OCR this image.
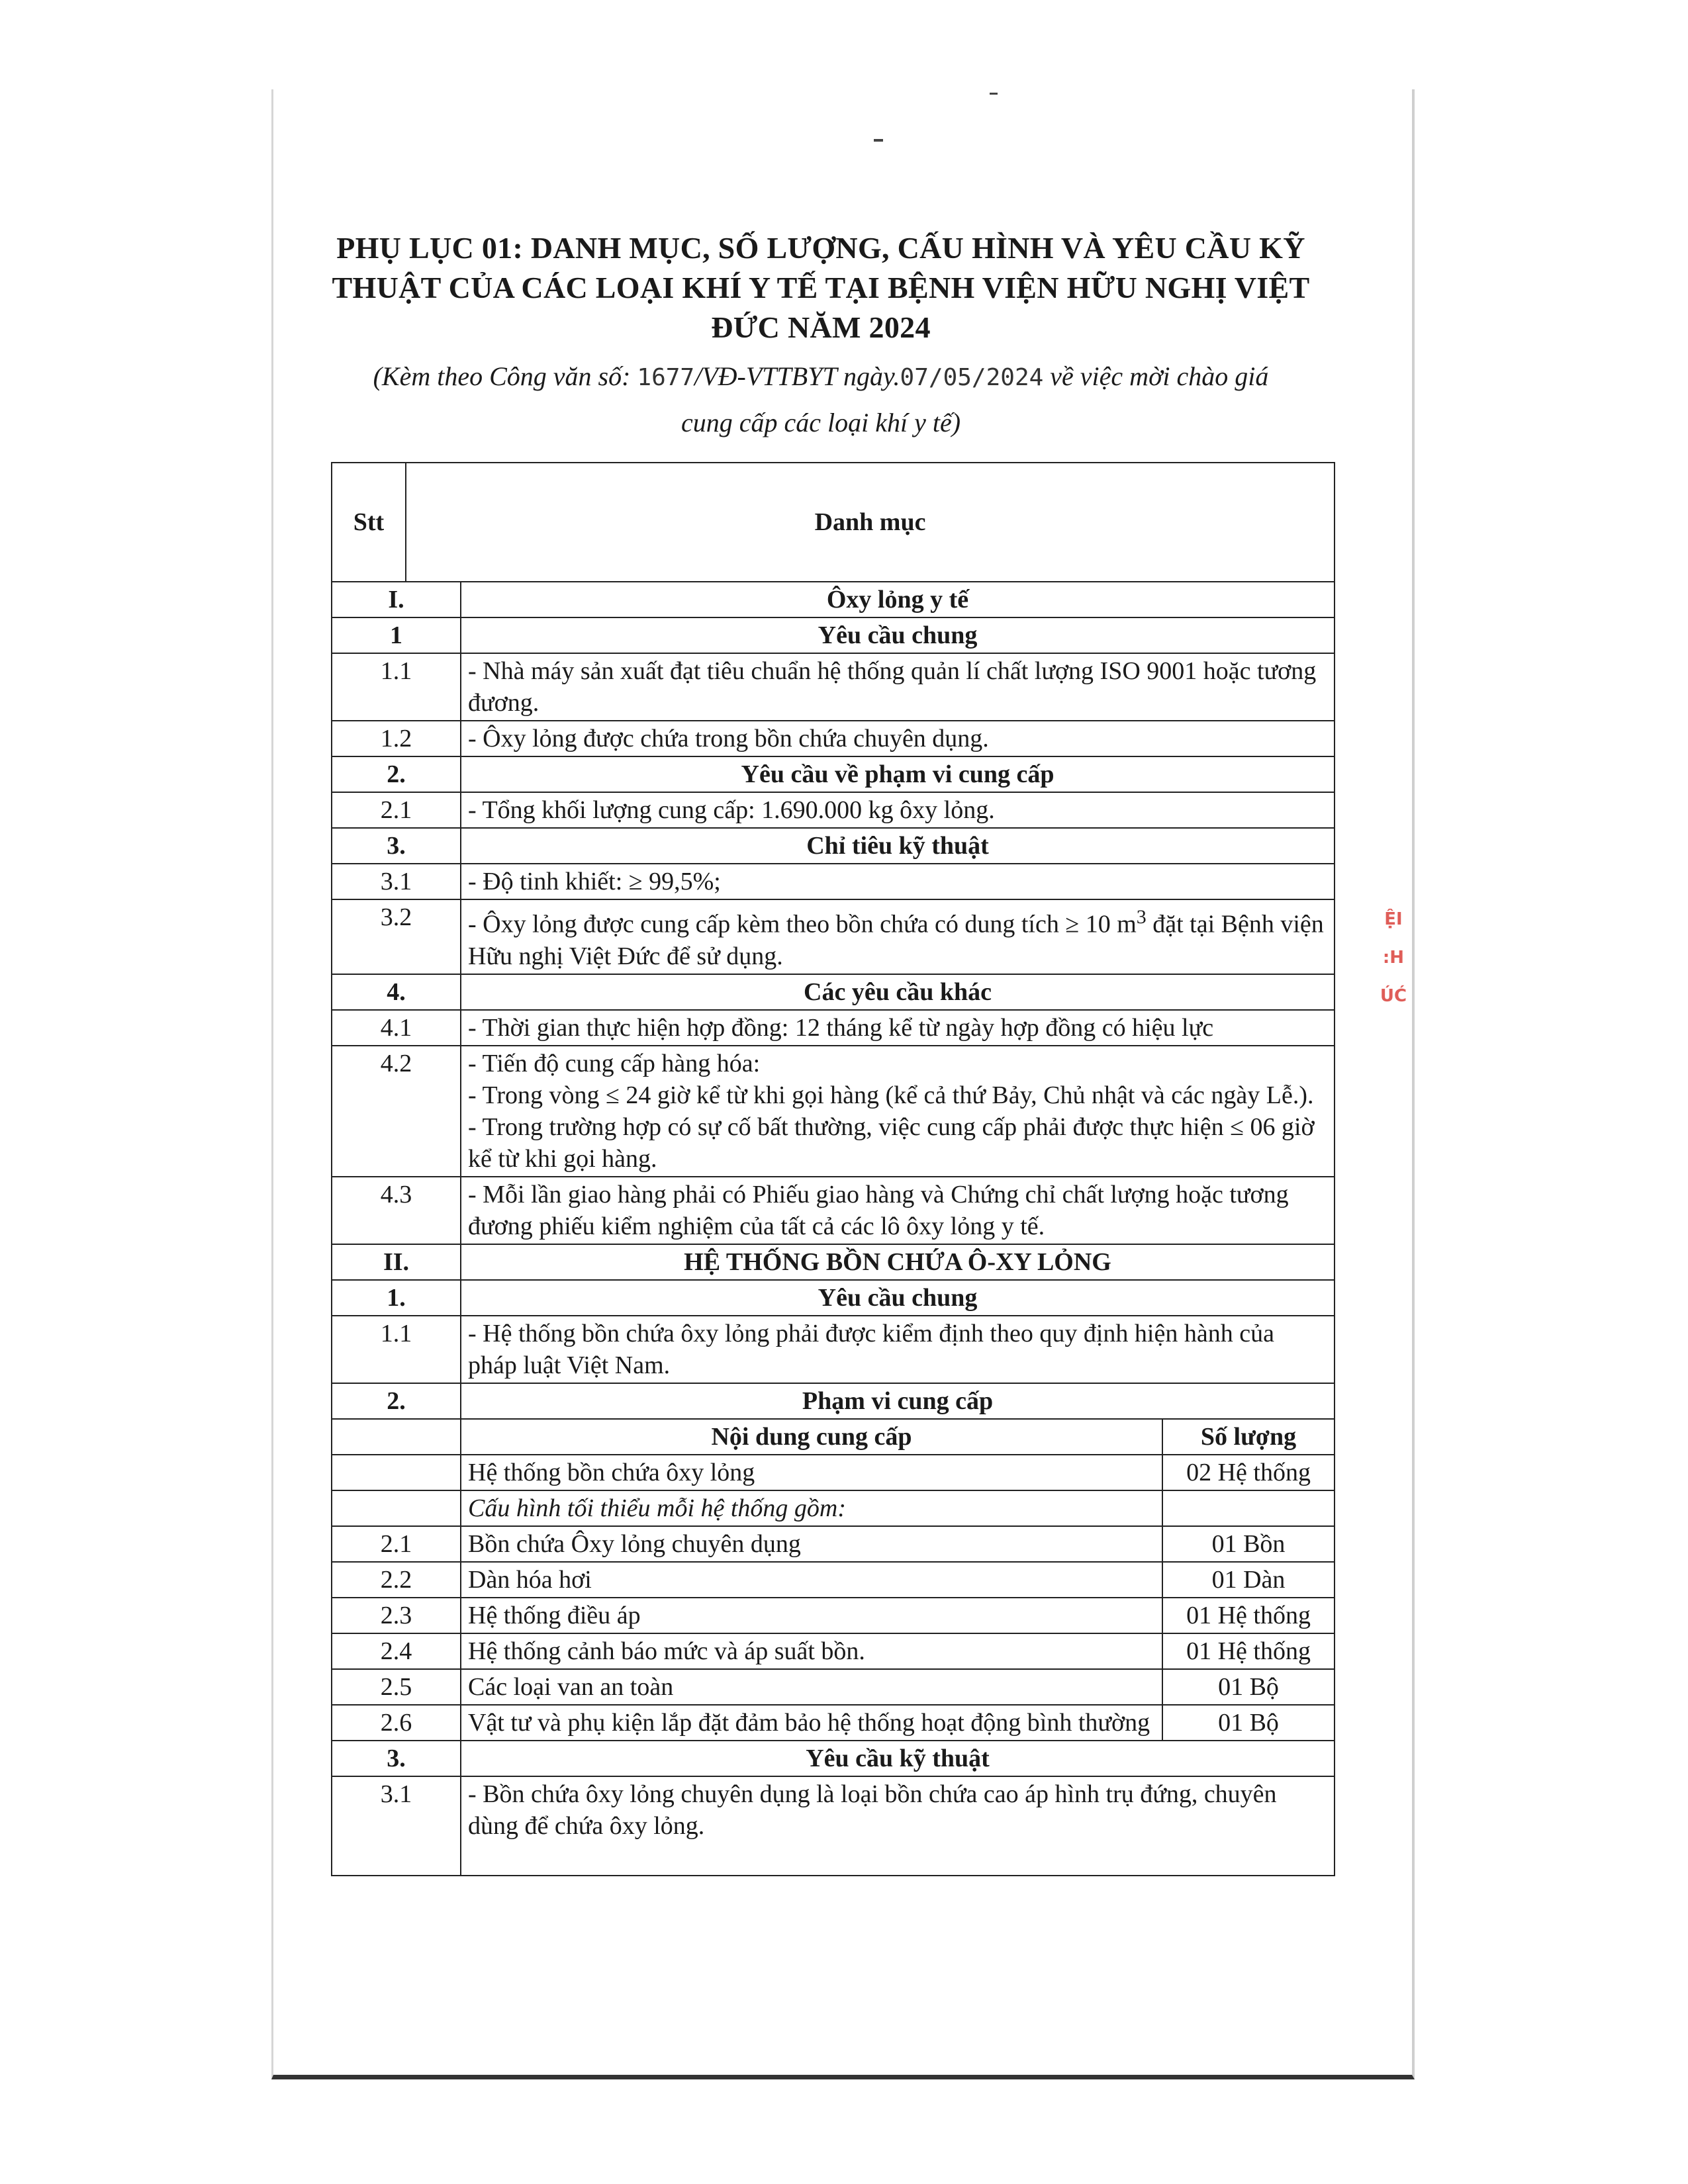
PHỤ LỤC 01: DANH MỤC, SỐ LƯỢNG, CẤU HÌNH VÀ YÊU CẦU KỸ
THUẬT CỦA CÁC LOẠI KHÍ Y TẾ TẠI BỆNH VIỆN HỮU NGHỊ VIỆT
ĐỨC NĂM 2024
(Kèm theo Công văn số: 1677/VĐ-VTTBYT ngày.07/05/2024 về việc mời chào giá
cung cấp các loại khí y tế)
Stt	Danh mục		
I.		Ôxy lỏng y tế	
1		Yêu cầu chung	
1.1		- Nhà máy sản xuất đạt tiêu chuẩn hệ thống quản lí chất lượng ISO 9001 hoặc tương đương.	
1.2		- Ôxy lỏng được chứa trong bồn chứa chuyên dụng.	
2.		Yêu cầu về phạm vi cung cấp	
2.1		- Tổng khối lượng cung cấp: 1.690.000 kg ôxy lỏng.	
3.		Chỉ tiêu kỹ thuật	
3.1		- Độ tinh khiết: ≥ 99,5%;	
3.2		- Ôxy lỏng được cung cấp kèm theo bồn chứa có dung tích ≥ 10 $m^3$ đặt tại Bệnh viện Hữu nghị Việt Đức để sử dụng.	
4.		Các yêu cầu khác	
4.1		- Thời gian thực hiện hợp đồng: 12 tháng kể từ ngày hợp đồng có hiệu lực	
4.2		- Tiến độ cung cấp hàng hóa:
- Trong vòng ≤ 24 giờ kể từ khi gọi hàng (kể cả thứ Bảy, Chủ nhật và các ngày Lễ.).
- Trong trường hợp có sự cố bất thường, việc cung cấp phải được thực hiện ≤ 06 giờ kể từ khi gọi hàng.	

4.3		- Mỗi lần giao hàng phải có Phiếu giao hàng và Chứng chỉ chất lượng hoặc tương đương phiếu kiểm nghiệm của tất cả các lô ôxy lỏng y tế.	
II.		HỆ THỐNG BỒN CHỨA Ô-XY LỎNG	
1.		Yêu cầu chung	
1.1		- Hệ thống bồn chứa ôxy lỏng phải được kiểm định theo quy định hiện hành của pháp luật Việt Nam.	
2.		Phạm vi cung cấp	
		Nội dung cung cấp	Số lượng
		Hệ thống bồn chứa ôxy lỏng	02 Hệ thống
		Cấu hình tối thiểu mỗi hệ thống gồm:	
2.1		Bồn chứa Ôxy lỏng chuyên dụng	01 Bồn
2.2		Dàn hóa hơi	01 Dàn
2.3		Hệ thống điều áp	01 Hệ thống
2.4		Hệ thống cảnh báo mức và áp suất bồn.	01 Hệ thống
2.5		Các loại van an toàn	01 Bộ
2.6		Vật tư và phụ kiện lắp đặt đảm bảo hệ thống hoạt động bình thường	01 Bộ
3.		Yêu cầu kỹ thuật	
3.1		- Bồn chứa ôxy lỏng chuyên dụng là loại bồn chứa cao áp hình trụ đứng, chuyên dùng để chứa ôxy lỏng.	
ỆI
:H
ÚĆ
